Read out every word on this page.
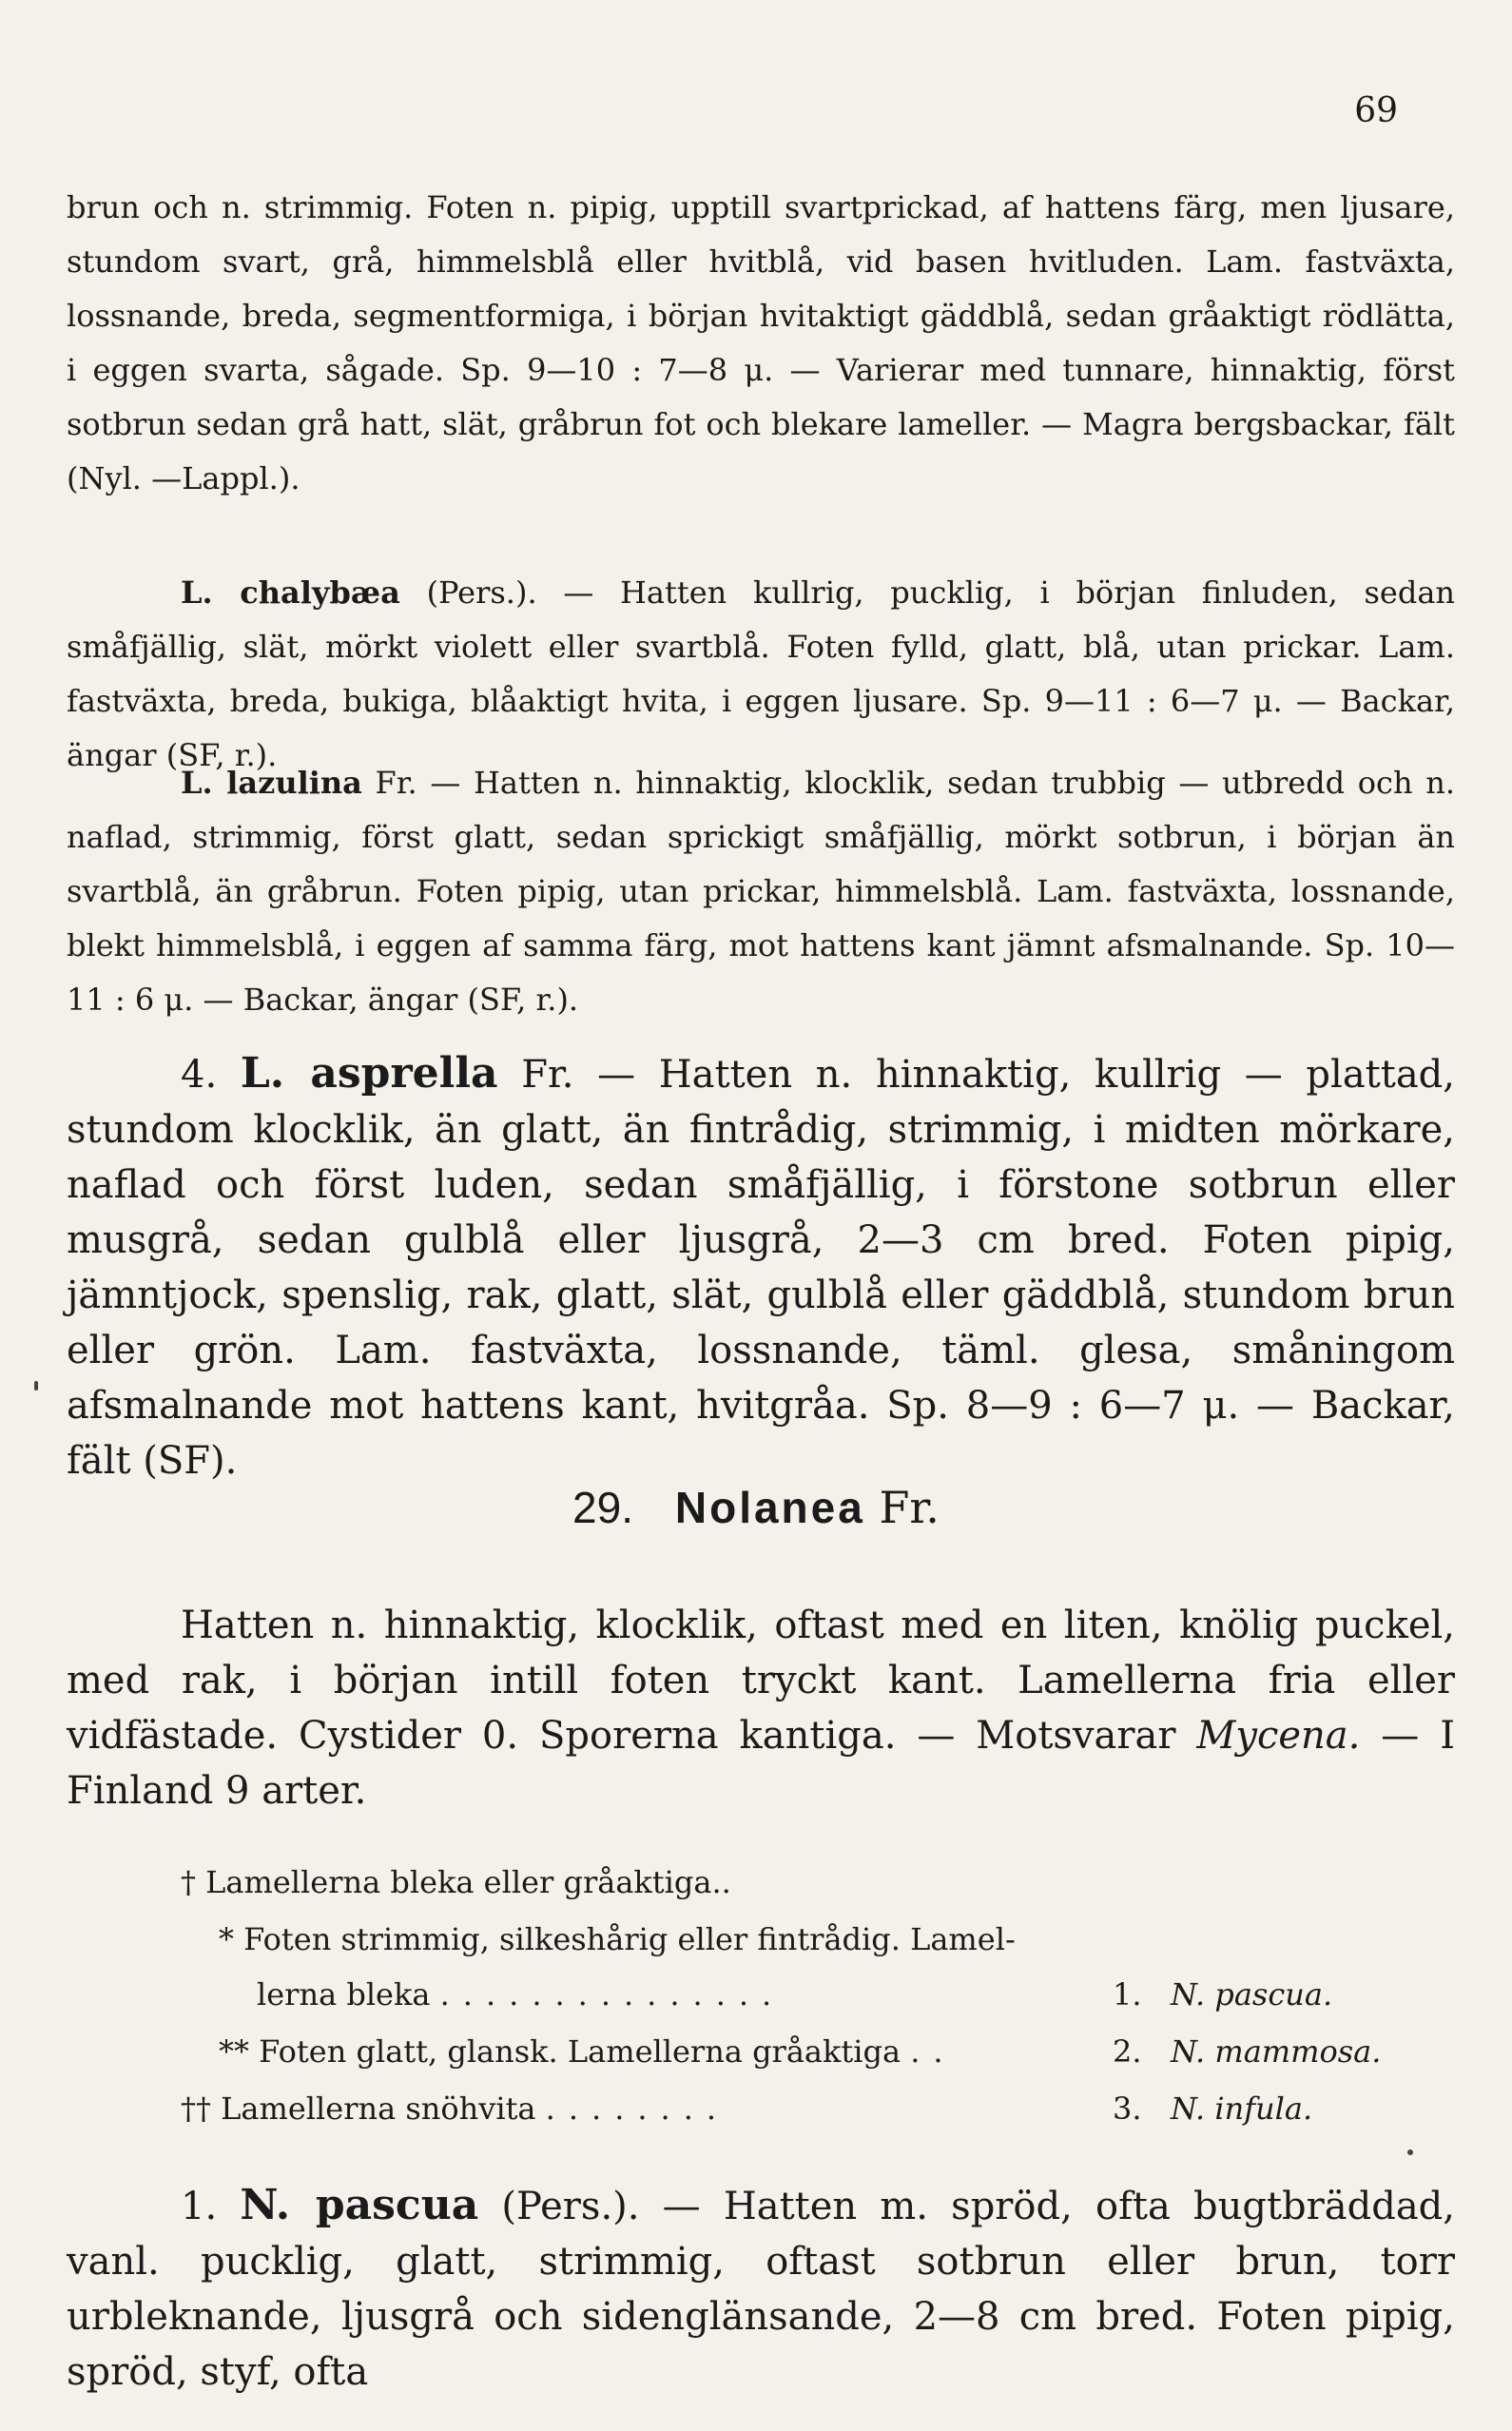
69

brun och n. strimmig. Foten n. pipig, upptill svartprickad, af hattens färg, men ljusare, stundom svart, grå, himmelsblå eller hvitblå, vid basen hvitluden. Lam. fastväxta, lossnande, breda, segmentformiga, i början hvitaktigt gäddblå, sedan gråaktigt rödlätta, i eggen svarta, sågade. Sp. 9—10 : 7—8 μ. — Varierar med tunnare, hinnaktig, först sotbrun sedan grå hatt, slät, gråbrun fot och blekare lameller. — Magra bergsbackar, fält (Nyl. —Lappl.).

L. chalybæa (Pers.). — Hatten kullrig, pucklig, i början finluden, sedan småfjällig, slät, mörkt violett eller svartblå. Foten fylld, glatt, blå, utan prickar. Lam. fastväxta, breda, bukiga, blåaktigt hvita, i eggen ljusare. Sp. 9—11 : 6—7 μ. — Backar, ängar (SF, r.).

L. lazulina Fr. — Hatten n. hinnaktig, klocklik, sedan trubbig — utbredd och n. naflad, strimmig, först glatt, sedan sprickigt småfjällig, mörkt sotbrun, i början än svartblå, än gråbrun. Foten pipig, utan prickar, himmelsblå. Lam. fastväxta, lossnande, blekt himmelsblå, i eggen af samma färg, mot hattens kant jämnt afsmalnande. Sp. 10—11 : 6 μ. — Backar, ängar (SF, r.).

4. L. asprella Fr. — Hatten n. hinnaktig, kullrig — plattad, stundom klocklik, än glatt, än fintrådig, strimmig, i midten mörkare, naflad och först luden, sedan småfjällig, i förstone sotbrun eller musgrå, sedan gulblå eller ljusgrå, 2—3 cm bred. Foten pipig, jämntjock, spenslig, rak, glatt, slät, gulblå eller gäddblå, stundom brun eller grön. Lam. fastväxta, lossnande, täml. glesa, småningom afsmalnande mot hattens kant, hvitgråa. Sp. 8—9 : 6—7 μ. — Backar, fält (SF).

29. Nolanea Fr.

Hatten n. hinnaktig, klocklik, oftast med en liten, knölig puckel, med rak, i början intill foten tryckt kant. Lamellerna fria eller vidfästade. Cystider 0. Sporerna kantiga. — Motsvarar Mycena. — I Finland 9 arter.

† Lamellerna bleka eller gråaktiga..
* Foten strimmig, silkeshårig eller fintrådig. Lamel-
lerna bleka ...............	1. N. pascua.
** Foten glatt, glansk. Lamellerna gråaktiga ..	2. N. mammosa.
†† Lamellerna snöhvita ........	3. N. infula.

1. N. pascua (Pers.). — Hatten m. spröd, ofta bugtbräddad, vanl. pucklig, glatt, strimmig, oftast sotbrun eller brun, torr urbleknande, ljusgrå och sidenglänsande, 2—8 cm bred. Foten pipig, spröd, styf, ofta
